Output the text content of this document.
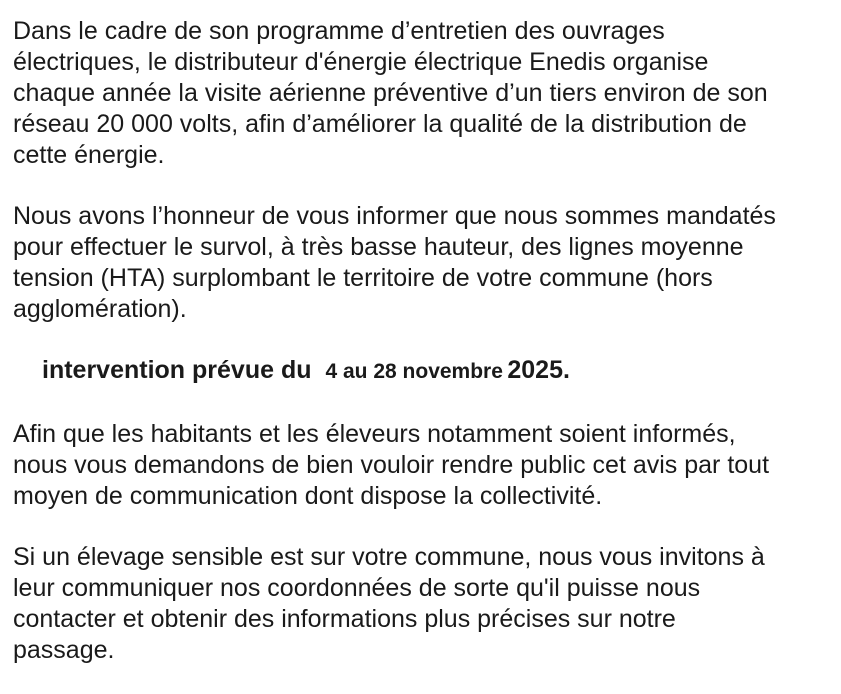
Dans le cadre de son programme d’entretien des ouvrages
électriques, le distributeur d'énergie électrique Enedis organise
chaque année la visite aérienne préventive d’un tiers environ de son
réseau 20 000 volts, afin d’améliorer la qualité de la distribution de
cette énergie.

Nous avons l’honneur de vous informer que nous sommes mandatés
pour effectuer le survol, à très basse hauteur, des lignes moyenne
tension (HTA) surplombant le territoire de votre commune (hors
agglomération).

intervention prévue du 4 au 28 novembre 2025.

Afin que les habitants et les éleveurs notamment soient informés,
nous vous demandons de bien vouloir rendre public cet avis par tout
moyen de communication dont dispose la collectivité.

Si un élevage sensible est sur votre commune, nous vous invitons à
leur communiquer nos coordonnées de sorte qu'il puisse nous
contacter et obtenir des informations plus précises sur notre
passage.
